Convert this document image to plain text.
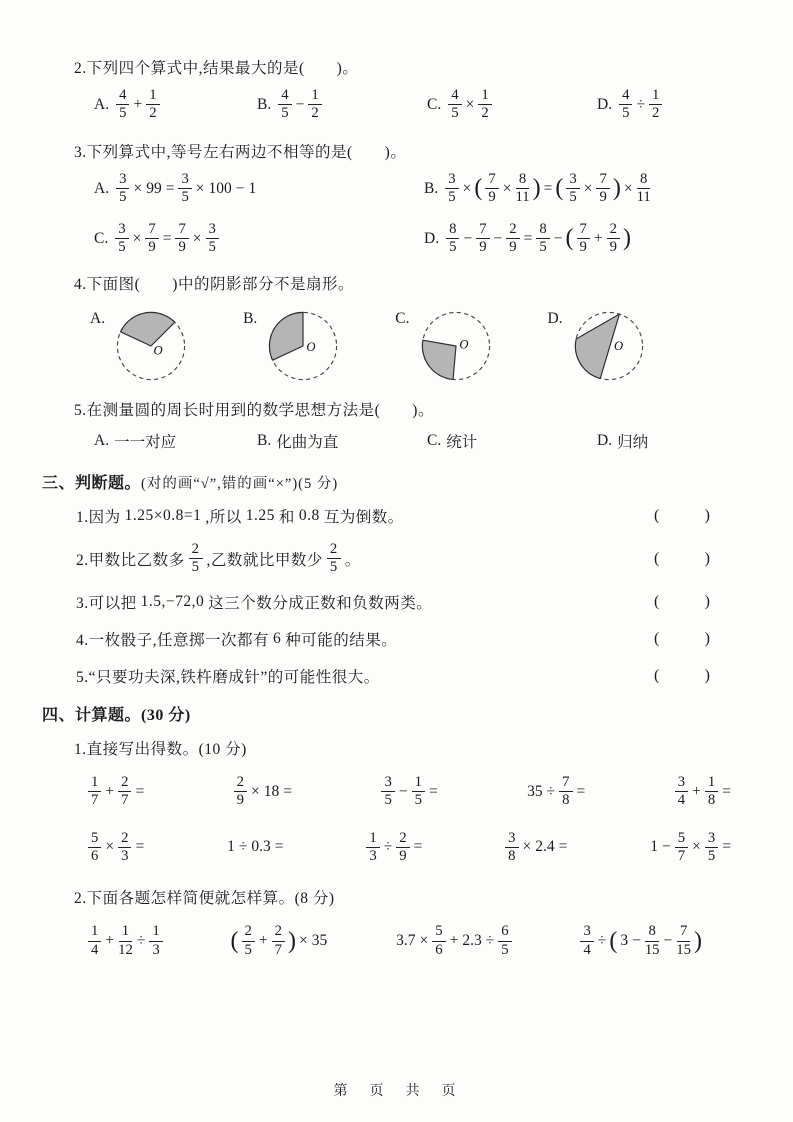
2.下列四个算式中,结果最大的是(　　)。
A. $\frac{4}{5} + \frac{1}{2}$	B. $\frac{4}{5} - \frac{1}{2}$	C. $\frac{4}{5} \times \frac{1}{2}$	D. $\frac{4}{5} \div \frac{1}{2}$
3.下列算式中,等号左右两边不相等的是(　　)。
A. $\frac{3}{5} \times 99 = \frac{3}{5} \times 100 - 1$	B. $\frac{3}{5}$ × ( $\frac{7}{9} \times \frac{8}{11}$ ) = ( $\frac{3}{5} \times \frac{7}{9}$ ) × $\frac{8}{11}$
C. $\frac{3}{5} \times \frac{7}{9} = \frac{7}{9} \times \frac{3}{5}$	D. $\frac{8}{5} - \frac{7}{9} - \frac{2}{9} = \frac{8}{5}$ − ( $\frac{7}{9} + \frac{2}{9}$ )
4.下面图(　　)中的阴影部分不是扇形。
A.
O
B.
O
C.
O
D.
O
5.在测量圆的周长时用到的数学思想方法是(　　)。
A. 一一对应	B. 化曲为直	C. 统计	D. 归纳
三、判断题。(对的画“√”,错的画“×”)(5 分)
1.因为 1.25×0.8=1 ,所以 1.25 和 0.8 互为倒数。	(	)
2.甲数比乙数多 $\frac{2}{5}$ ,乙数就比甲数少 $\frac{2}{5}$ 。	(	)
3.可以把 1.5,−72,0 这三个数分成正数和负数两类。	(	)
4.一枚骰子,任意掷一次都有 6 种可能的结果。	(	)
5.“只要功夫深,铁杵磨成针”的可能性很大。	(	)
四、计算题。(30 分)
1.直接写出得数。(10 分)
$\frac{1}{7} + \frac{2}{7}$ =	$\frac{2}{9} \times 18$ =	$\frac{3}{5} - \frac{1}{5}$ =	$35 \div \frac{7}{8}$ =	$\frac{3}{4} + \frac{1}{8}$ =
$\frac{5}{6} \times \frac{2}{3}$ =	1 ÷ 0.3 =	$\frac{1}{3} \div \frac{2}{9}$ =	$\frac{3}{8} \times 2.4$ =	$1 - \frac{5}{7} \times \frac{3}{5}$ =
2.下面各题怎样简便就怎样算。(8 分)
$\frac{1}{4} + \frac{1}{12} \div \frac{1}{3}$	( $\frac{2}{5} + \frac{2}{7}$ ) × 35	$3.7 \times \frac{5}{6} + 2.3 \div \frac{6}{5}$	$\frac{3}{4}$ ÷ ( $3 - \frac{8}{15} - \frac{7}{15}$ )
第　页　共　页
